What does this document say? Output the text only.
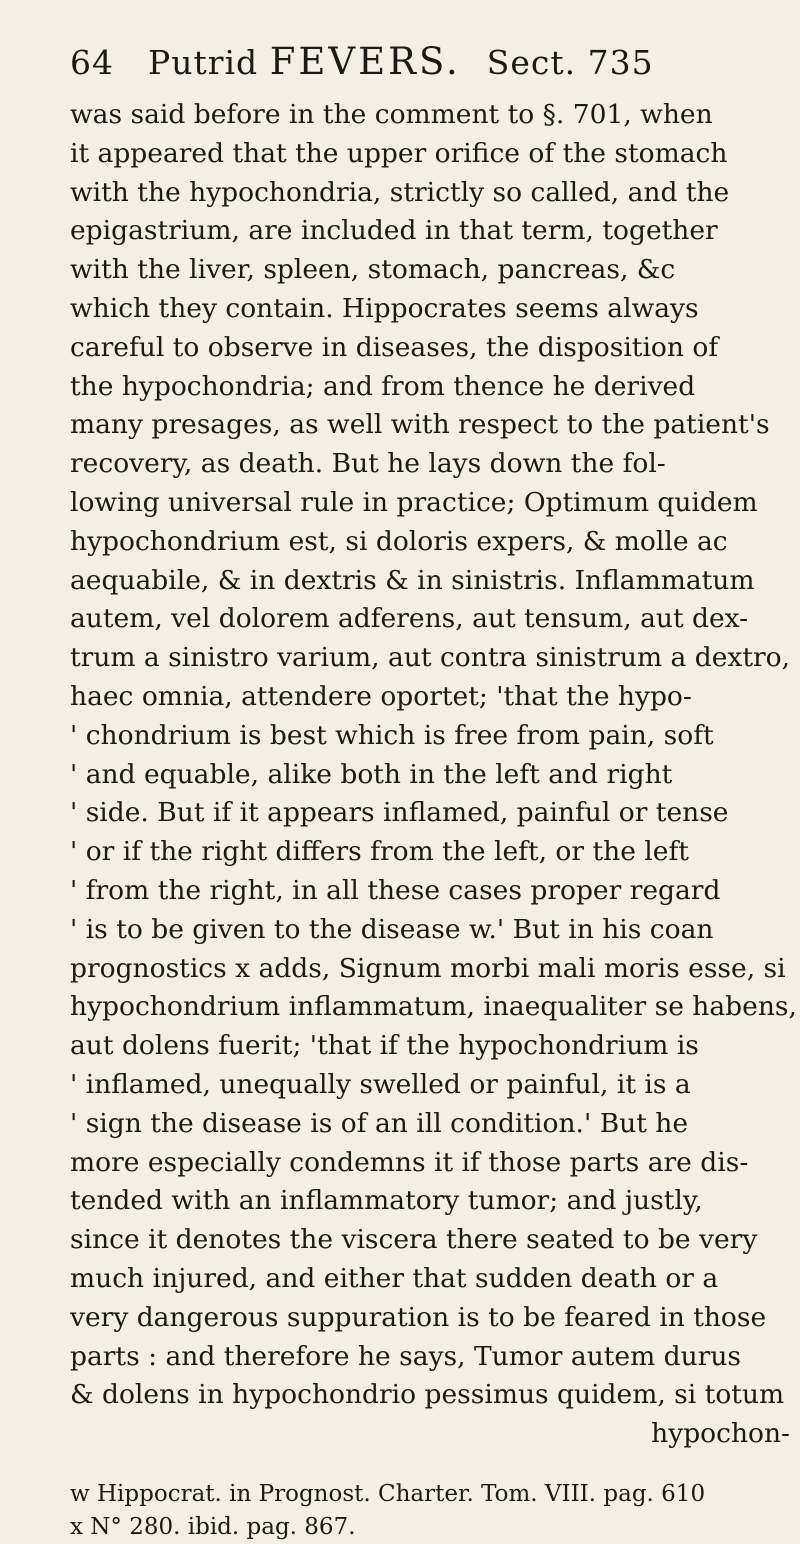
64	Putrid FEVERS. Sect. 735
was said before in the comment to §. 701, when
it appeared that the upper orifice of the stomach
with the hypochondria, strictly so called, and the
epigastrium, are included in that term, together
with the liver, spleen, stomach, pancreas, &c
which they contain. Hippocrates seems always
careful to observe in diseases, the disposition of
the hypochondria; and from thence he derived
many presages, as well with respect to the patient's
recovery, as death. But he lays down the fol-
lowing universal rule in practice; Optimum quidem
hypochondrium est, si doloris expers, & molle ac
aequabile, & in dextris & in sinistris. Inflammatum
autem, vel dolorem adferens, aut tensum, aut dex-
trum a sinistro varium, aut contra sinistrum a dextro,
haec omnia, attendere oportet; 'that the hypo-
' chondrium is best which is free from pain, soft
' and equable, alike both in the left and right
' side. But if it appears inflamed, painful or tense
' or if the right differs from the left, or the left
' from the right, in all these cases proper regard
' is to be given to the disease w.' But in his coan
prognostics x adds, Signum morbi mali moris esse, si
hypochondrium inflammatum, inaequaliter se habens,
aut dolens fuerit; 'that if the hypochondrium is
' inflamed, unequally swelled or painful, it is a
' sign the disease is of an ill condition.' But he
more especially condemns it if those parts are dis-
tended with an inflammatory tumor; and justly,
since it denotes the viscera there seated to be very
much injured, and either that sudden death or a
very dangerous suppuration is to be feared in those
parts : and therefore he says, Tumor autem durus
& dolens in hypochondrio pessimus quidem, si totum
hypochon-
w Hippocrat. in Prognost. Charter. Tom. VIII. pag. 610
x N° 280. ibid. pag. 867.
